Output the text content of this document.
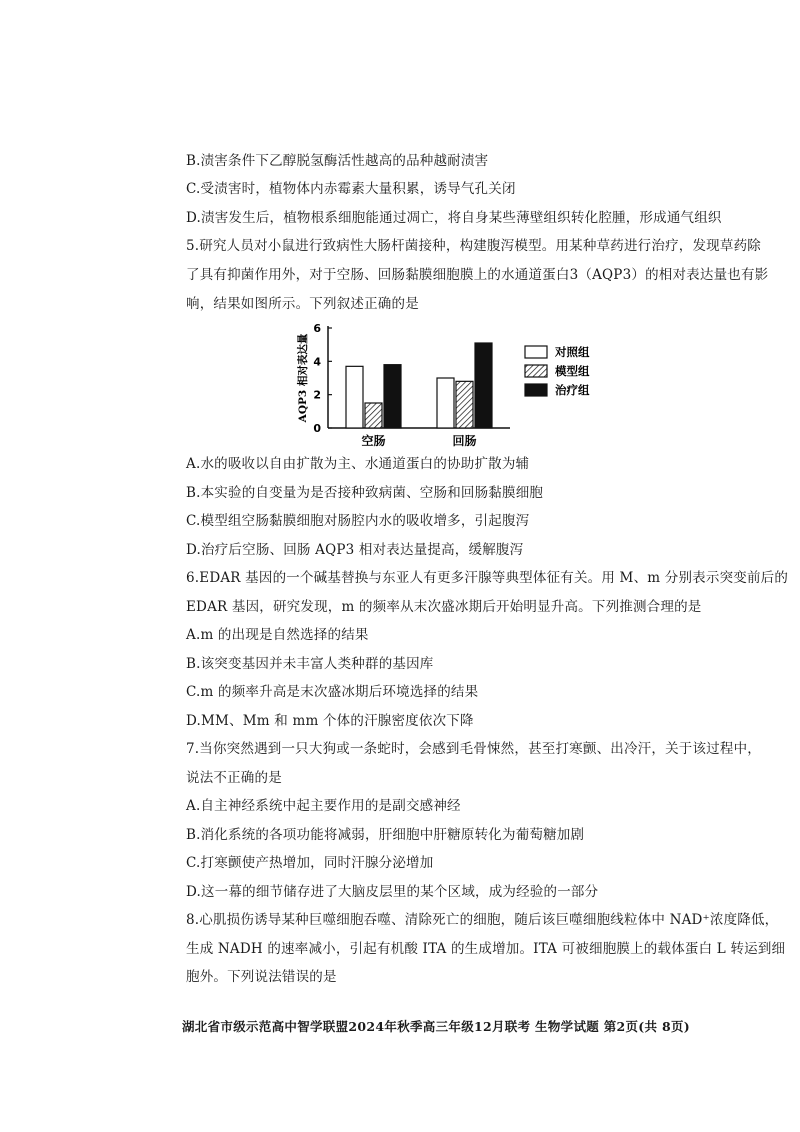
B.渍害条件下乙醇脱氢酶活性越高的品种越耐渍害
C.受渍害时，植物体内赤霉素大量积累，诱导气孔关闭
D.渍害发生后，植物根系细胞能通过凋亡，将自身某些薄壁组织转化腔腫，形成通气组织
5.研究人员对小鼠进行致病性大肠杆菌接种，构建腹泻模型。用某种草药进行治疗，发现草药除
了具有抑菌作用外，对于空肠、回肠黏膜细胞膜上的水通道蛋白3（AQP3）的相对表达量也有影
响，结果如图所示。下列叙述正确的是
0
2
4
6
AQP3 相对表达量
空肠	回肠
对照组
模型组
治疗组
A.水的吸收以自由扩散为主、水通道蛋白的协助扩散为辅
B.本实验的自变量为是否接种致病菌、空肠和回肠黏膜细胞
C.模型组空肠黏膜细胞对肠腔内水的吸收增多，引起腹泻
D.治疗后空肠、回肠 AQP3 相对表达量提高，缓解腹泻
6.EDAR 基因的一个碱基替换与东亚人有更多汗腺等典型体征有关。用 M、m 分别表示突变前后的
EDAR 基因，研究发现，m 的频率从末次盛冰期后开始明显升高。下列推测合理的是
A.m 的出现是自然选择的结果
B.该突变基因并未丰富人类种群的基因库
C.m 的频率升高是末次盛冰期后环境选择的结果
D.MM、Mm 和 mm 个体的汗腺密度依次下降
7.当你突然遇到一只大狗或一条蛇时，会感到毛骨悚然，甚至打寒颤、出冷汗，关于该过程中，
说法不正确的是
A.自主神经系统中起主要作用的是副交感神经
B.消化系统的各项功能将减弱，肝细胞中肝糖原转化为葡萄糖加剧
C.打寒颤使产热增加，同时汗腺分泌增加
D.这一幕的细节储存进了大脑皮层里的某个区域，成为经验的一部分
8.心肌损伤诱导某种巨噬细胞吞噬、清除死亡的细胞，随后该巨噬细胞线粒体中 NAD⁺浓度降低，
生成 NADH 的速率减小，引起有机酸 ITA 的生成增加。ITA 可被细胞膜上的载体蛋白 L 转运到细
胞外。下列说法错误的是
湖北省市级示范高中智学联盟2024年秋季高三年级12月联考 生物学试题 第2页(共 8页)
